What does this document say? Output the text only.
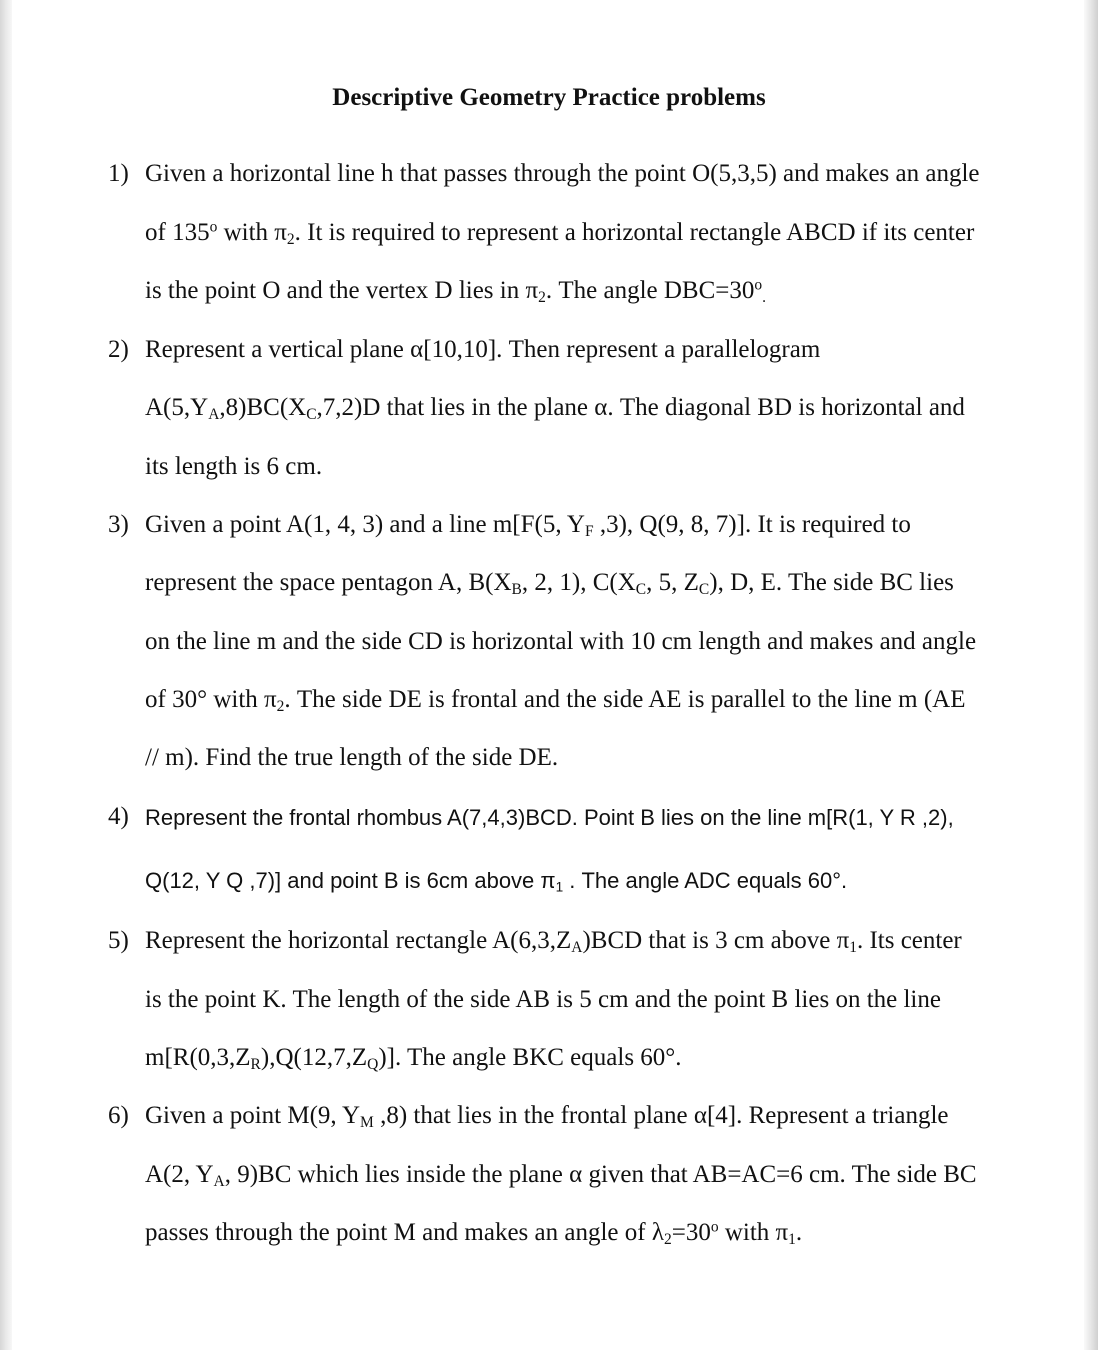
Descriptive Geometry Practice problems
1) Given a horizontal line h that passes through the point O(5,3,5) and makes an angle
of 135$^o$ with $\pi_2$. It is required to represent a horizontal rectangle ABCD if its center
is the point O and the vertex D lies in $\pi_2$. The angle $DBC=30^o_.$
2) Represent a vertical plane α[10,10]. Then represent a parallelogram
$A(5,Y_A,8)BC(X_C,7,2)D$ that lies in the plane α. The diagonal BD is horizontal and
its length is 6 cm.
3) Given a point A(1, 4, 3) and a line m[F(5, $Y_F$ ,3), Q(9, 8, 7)]. It is required to
represent the space pentagon A, $B(X_B$, 2, 1), $C(X_C$, 5, $Z_C$), D, E. The side BC lies
on the line m and the side CD is horizontal with 10 cm length and makes and angle
of 30° with $\pi_2$. The side DE is frontal and the side AE is parallel to the line m (AE
// m). Find the true length of the side DE.
4) Represent the frontal rhombus A(7,4,3)BCD. Point B lies on the line m[R(1, Y R ,2),
Q(12, Y Q ,7)] and point B is 6cm above $\pi_1$ . The angle ADC equals 60°.
5) Represent the horizontal rectangle $A(6,3,Z_A)BCD$ that is 3 cm above $\pi_1$. Its center
is the point K. The length of the side AB is 5 cm and the point B lies on the line
$m[R(0,3,Z_R),Q(12,7,Z_Q)]$. The angle BKC equals 60°.
6) Given a point M(9, $Y_M$ ,8) that lies in the frontal plane α[4]. Represent a triangle
A(2, $Y_A$, 9)BC which lies inside the plane α given that AB=AC=6 cm. The side BC
passes through the point M and makes an angle of $\lambda_2=30^o$ with $\pi_1$.
